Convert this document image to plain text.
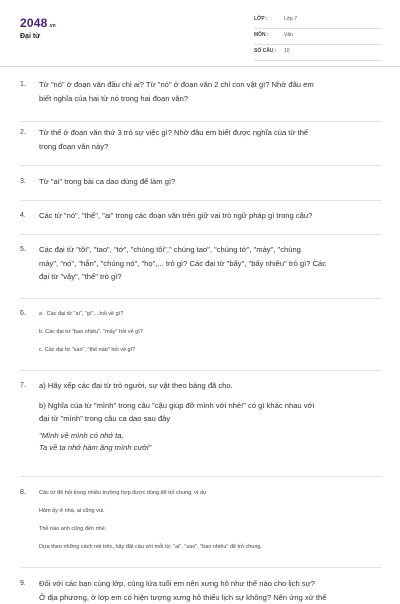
2048 .vn
Đại từ
LỚP :	Lớp 7
MÔN :	Văn
SỐ CÂU : 10
1. Từ "nó" ở đoạn văn đầu chỉ ai? Từ "nó" ở đoạn văn 2 chỉ con vật gì? Nhờ đâu em
biết nghĩa của hai từ nó trong hai đoạn văn?
2. Từ thế ở đoạn văn thứ 3 trỏ sự việc gì? Nhờ đâu em biết được nghĩa của từ thế
trong đoạn văn này?
3. Từ "ai" trong bài ca dao dùng để làm gì?
4. Các từ "nó", "thế", "ai" trong các đoạn văn trên giữ vai trò ngữ pháp gì trong câu?
5. Các đại từ "tôi", "tao", "tớ", "chúng tôi"," chúng tao", "chúng tớ", "mày", "chúng
mày", "nó", "hắn", "chúng nó", "họ",... trỏ gì? Các đại từ "bấy", "bấy nhiêu" trỏ gì? Các
đại từ "vậy", "thế" trỏ gì?
6. a . Các đại từ "ai", "gì",...hỏi về gì?
b. Các đại từ "bao nhiêu", "mấy" hỏi về gì?
c. Các đại từ "sao", "thế nào" hỏi về gì?
7. a) Hãy xếp các đại từ trỏ người, sự vật theo bảng đã cho.
b) Nghĩa của từ "mình" trong câu "cậu giúp đỡ mình với nhé!" có gì khác nhau với
đại từ "mình" trong câu ca dao sau đây
"Mình về mình có nhớ ta,
Ta về ta nhớ hàm ăng mình cười"
8. Các từ để hỏi trong nhiều trường hợp được dùng để trỏ chung, ví dụ
Hôm ấy ở nhà, ai cũng vui.
Thế nào anh cũng đến nhé.
Dựa theo những cách nói trên, hãy đặt câu với mỗi từ: "ai", "sao", "bao nhiêu" để trỏ chung.
9. Đối với các bạn cùng lớp, cùng lứa tuổi em nên xưng hô như thế nào cho lịch sự?
Ở địa phương, ở lớp em có hiện tượng xưng hô thiếu lịch sự không? Nên ứng xử thế
